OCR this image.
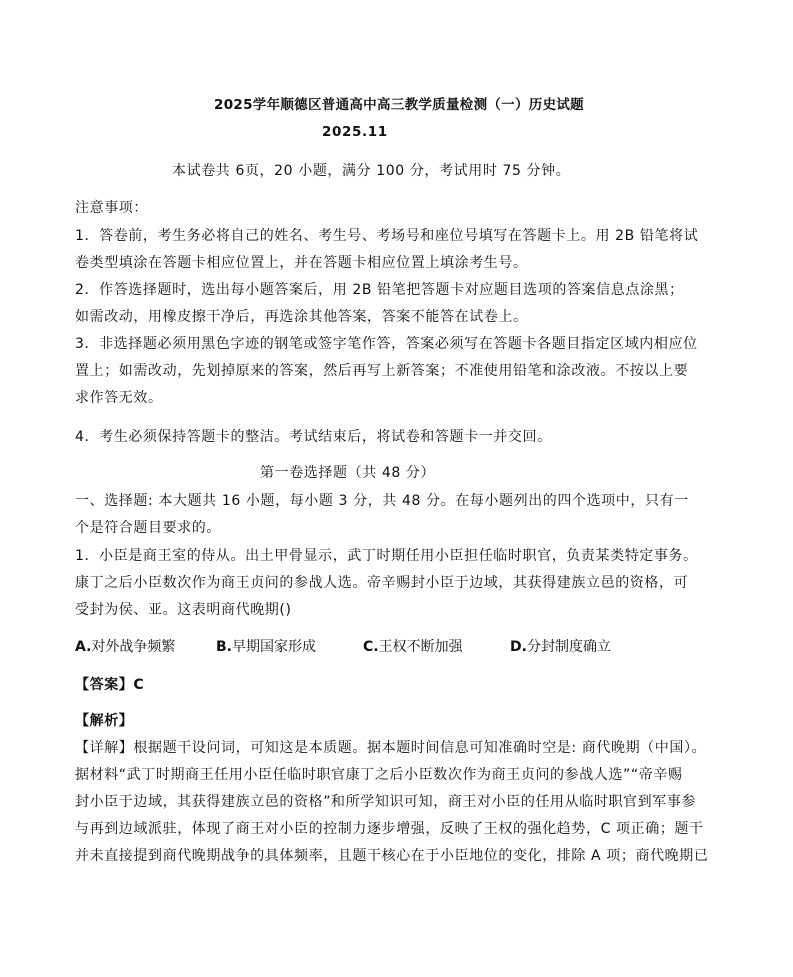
2025学年顺德区普通高中高三教学质量检测（一）历史试题
2025.11
本试卷共 6页，20 小题，满分 100 分，考试用时 75 分钟。
注意事项：
1．答卷前，考生务必将自己的姓名、考生号、考场号和座位号填写在答题卡上。用 2B 铅笔将试
卷类型填涂在答题卡相应位置上，并在答题卡相应位置上填涂考生号。
2．作答选择题时，选出每小题答案后，用 2B 铅笔把答题卡对应题目选项的答案信息点涂黑；
如需改动，用橡皮擦干净后，再选涂其他答案，答案不能答在试卷上。
3．非选择题必须用黑色字迹的钢笔或签字笔作答，答案必须写在答题卡各题目指定区域内相应位
置上；如需改动，先划掉原来的答案，然后再写上新答案；不准使用铅笔和涂改液。不按以上要
求作答无效。
4．考生必须保持答题卡的整洁。考试结束后，将试卷和答题卡一并交回。
第一卷选择题（共 48 分）
一、选择题: 本大题共 16 小题，每小题 3 分，共 48 分。在每小题列出的四个选项中，只有一
个是符合题目要求的。
1．小臣是商王室的侍从。出土甲骨显示，武丁时期任用小臣担任临时职官，负责某类特定事务。
康丁之后小臣数次作为商王贞问的参战人选。帝辛赐封小臣于边域，其获得建族立邑的资格，可
受封为侯、亚。这表明商代晚期()
A.对外战争频繁	B.早期国家形成	C.王权不断加强	D.分封制度确立
【答案】C
【解析】
【详解】根据题干设问词，可知这是本质题。据本题时间信息可知准确时空是: 商代晚期（中国）。
据材料“武丁时期商王任用小臣任临时职官康丁之后小臣数次作为商王贞问的参战人选”“帝辛赐
封小臣于边域，其获得建族立邑的资格”和所学知识可知，商王对小臣的任用从临时职官到军事参
与再到边域派驻，体现了商王对小臣的控制力逐步增强，反映了王权的强化趋势，C 项正确；题干
并未直接提到商代晚期战争的具体频率，且题干核心在于小臣地位的变化，排除 A 项；商代晚期已
